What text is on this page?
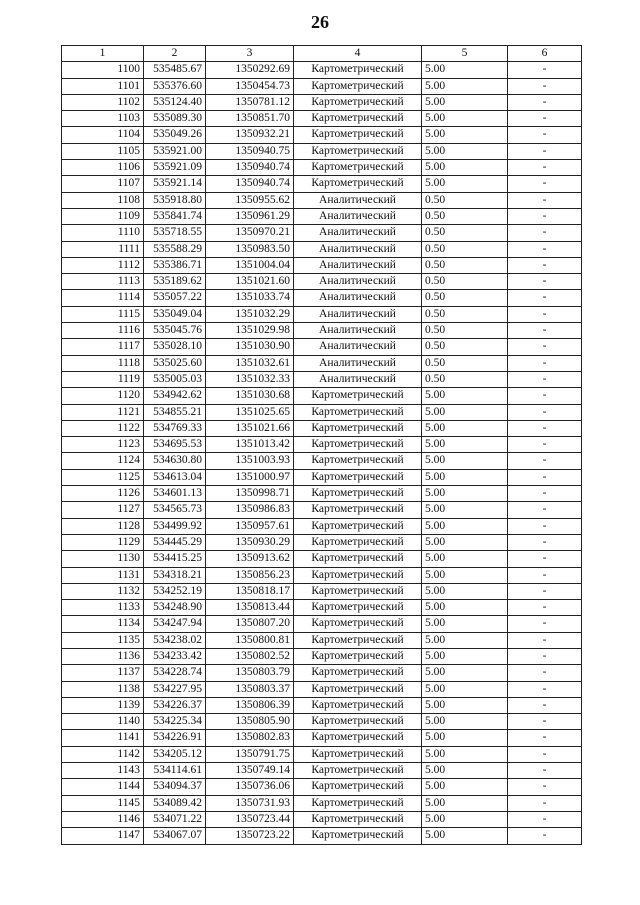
26
1	2	3	4	5	6
1100	535485.67	1350292.69	Картометрический	5.00	-
1101	535376.60	1350454.73	Картометрический	5.00	-
1102	535124.40	1350781.12	Картометрический	5.00	-
1103	535089.30	1350851.70	Картометрический	5.00	-
1104	535049.26	1350932.21	Картометрический	5.00	-
1105	535921.00	1350940.75	Картометрический	5.00	-
1106	535921.09	1350940.74	Картометрический	5.00	-
1107	535921.14	1350940.74	Картометрический	5.00	-
1108	535918.80	1350955.62	Аналитический	0.50	-
1109	535841.74	1350961.29	Аналитический	0.50	-
1110	535718.55	1350970.21	Аналитический	0.50	-
1111	535588.29	1350983.50	Аналитический	0.50	-
1112	535386.71	1351004.04	Аналитический	0.50	-
1113	535189.62	1351021.60	Аналитический	0.50	-
1114	535057.22	1351033.74	Аналитический	0.50	-
1115	535049.04	1351032.29	Аналитический	0.50	-
1116	535045.76	1351029.98	Аналитический	0.50	-
1117	535028.10	1351030.90	Аналитический	0.50	-
1118	535025.60	1351032.61	Аналитический	0.50	-
1119	535005.03	1351032.33	Аналитический	0.50	-
1120	534942.62	1351030.68	Картометрический	5.00	-
1121	534855.21	1351025.65	Картометрический	5.00	-
1122	534769.33	1351021.66	Картометрический	5.00	-
1123	534695.53	1351013.42	Картометрический	5.00	-
1124	534630.80	1351003.93	Картометрический	5.00	-
1125	534613.04	1351000.97	Картометрический	5.00	-
1126	534601.13	1350998.71	Картометрический	5.00	-
1127	534565.73	1350986.83	Картометрический	5.00	-
1128	534499.92	1350957.61	Картометрический	5.00	-
1129	534445.29	1350930.29	Картометрический	5.00	-
1130	534415.25	1350913.62	Картометрический	5.00	-
1131	534318.21	1350856.23	Картометрический	5.00	-
1132	534252.19	1350818.17	Картометрический	5.00	-
1133	534248.90	1350813.44	Картометрический	5.00	-
1134	534247.94	1350807.20	Картометрический	5.00	-
1135	534238.02	1350800.81	Картометрический	5.00	-
1136	534233.42	1350802.52	Картометрический	5.00	-
1137	534228.74	1350803.79	Картометрический	5.00	-
1138	534227.95	1350803.37	Картометрический	5.00	-
1139	534226.37	1350806.39	Картометрический	5.00	-
1140	534225.34	1350805.90	Картометрический	5.00	-
1141	534226.91	1350802.83	Картометрический	5.00	-
1142	534205.12	1350791.75	Картометрический	5.00	-
1143	534114.61	1350749.14	Картометрический	5.00	-
1144	534094.37	1350736.06	Картометрический	5.00	-
1145	534089.42	1350731.93	Картометрический	5.00	-
1146	534071.22	1350723.44	Картометрический	5.00	-
1147	534067.07	1350723.22	Картометрический	5.00	-
